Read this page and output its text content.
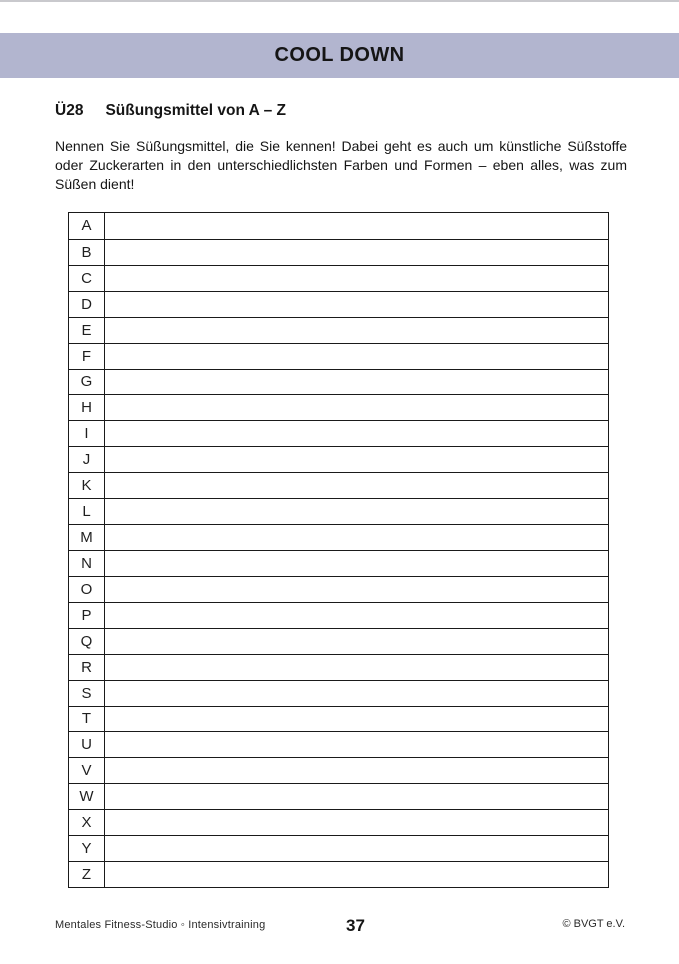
COOL DOWN
Ü28 Süßungsmittel von A – Z
Nennen Sie Süßungsmittel, die Sie kennen! Dabei geht es auch um künstliche Süßstoffe
oder Zuckerarten in den unterschiedlichsten Farben und Formen – eben alles, was zum
Süßen dient!
A
B
C
D
E
F
G
H
I
J
K
L
M
N
O
P
Q
R
S
T
U
V
W
X
Y
Z
Mentales Fitness-Studio ◦ Intensivtraining	37	© BVGT e.V.
